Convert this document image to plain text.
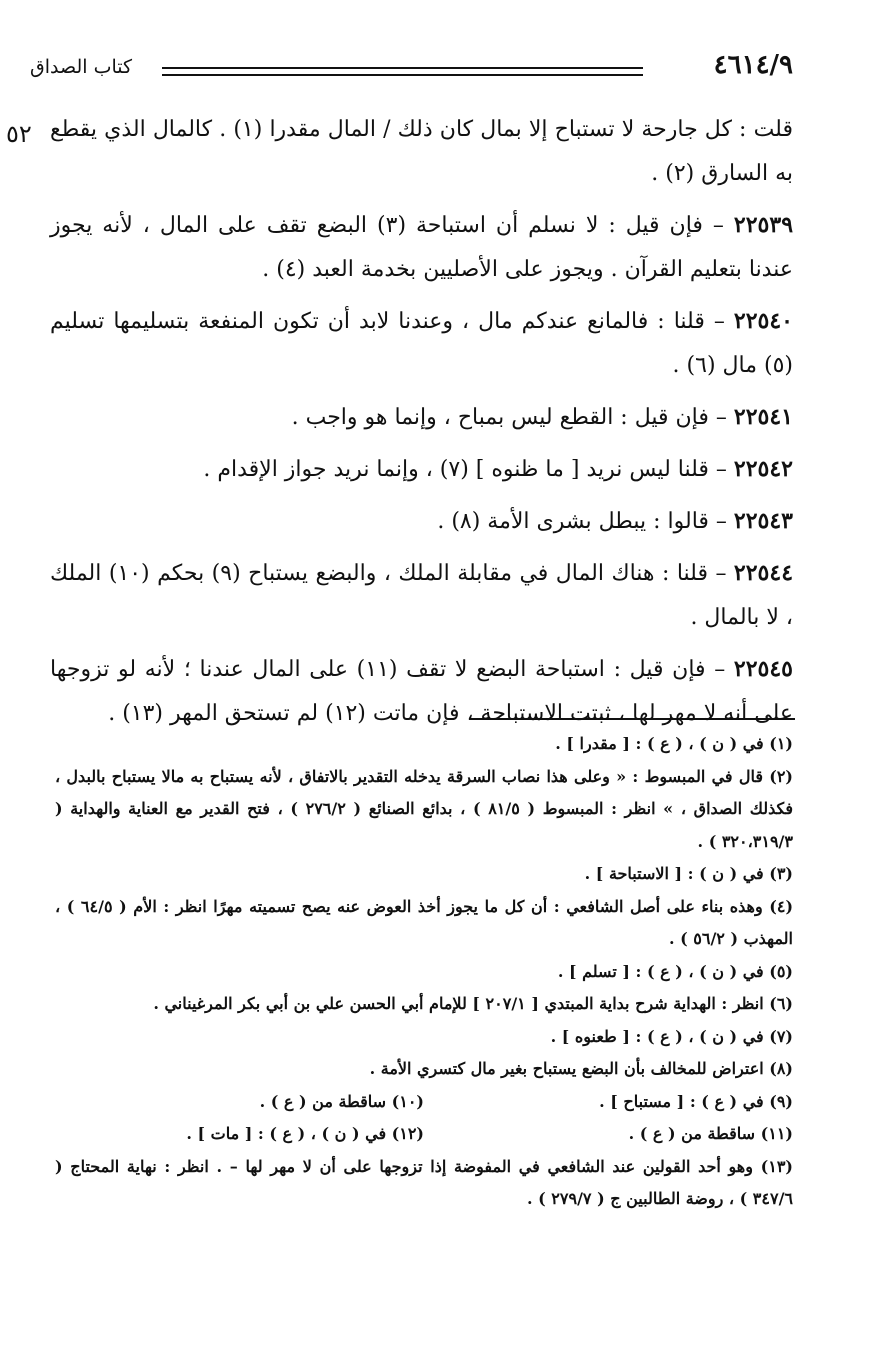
٤٦١٤/٩
كتاب الصداق
٥٢ قلت : كل جارحة لا تستباح إلا بمال كان ذلك / المال مقدرا (١) . كالمال الذي يقطع به السارق (٢) .

٢٢٥٣٩ – فإن قيل : لا نسلم أن استباحة (٣) البضع تقف على المال ، لأنه يجوز عندنا بتعليم القرآن . ويجوز على الأصليين بخدمة العبد (٤) .

٢٢٥٤٠ – قلنا : فالمانع عندكم مال ، وعندنا لابد أن تكون المنفعة بتسليمها تسليم (٥) مال (٦) .

٢٢٥٤١ – فإن قيل : القطع ليس بمباح ، وإنما هو واجب .

٢٢٥٤٢ – قلنا ليس نريد [ ما ظنوه ] (٧) ، وإنما نريد جواز الإقدام .

٢٢٥٤٣ – قالوا : يبطل بشرى الأمة (٨) .

٢٢٥٤٤ – قلنا : هناك المال في مقابلة الملك ، والبضع يستباح (٩) بحكم (١٠) الملك ، لا بالمال .

٢٢٥٤٥ – فإن قيل : استباحة البضع لا تقف (١١) على المال عندنا ؛ لأنه لو تزوجها على أنه لا مهر لها ، ثبتت الاستباحة ، فإن ماتت (١٢) لم تستحق المهر (١٣) .

(١) في ( ن ) ، ( ع ) : [ مقدرا ] .

(٢) قال في المبسوط : « وعلى هذا نصاب السرقة يدخله التقدير بالاتفاق ، لأنه يستباح به مالا يستباح بالبدل ، فكذلك الصداق ، » انظر : المبسوط ( ٨١/٥ ) ، بدائع الصنائع ( ٢٧٦/٢ ) ، فتح القدير مع العناية والهداية ( ٣٢٠،٣١٩/٣ ) .

(٣) في ( ن ) : [ الاستباحة ] .

(٤) وهذه بناء على أصل الشافعي : أن كل ما يجوز أخذ العوض عنه يصح تسميته مهرًا انظر : الأم ( ٦٤/٥ ) ، المهذب ( ٥٦/٢ ) .

(٥) في ( ن ) ، ( ع ) : [ تسلم ] .

(٦) انظر : الهداية شرح بداية المبتدي [ ٢٠٧/١ ] للإمام أبي الحسن علي بن أبي بكر المرغيناني .

(٧) في ( ن ) ، ( ع ) : [ طعنوه ] .

(٨) اعتراض للمخالف بأن البضع يستباح بغير مال كتسري الأمة .

(٩) في ( ع ) : [ مستباح ] .
(١٠) ساقطة من ( ع ) .
(١١) ساقطة من ( ع ) .
(١٢) في ( ن ) ، ( ع ) : [ مات ] .

(١٣) وهو أحد القولين عند الشافعي في المفوضة إذا تزوجها على أن لا مهر لها – . انظر : نهاية المحتاج ( ٣٤٧/٦ ) ، روضة الطالبين ج ( ٢٧٩/٧ ) .
